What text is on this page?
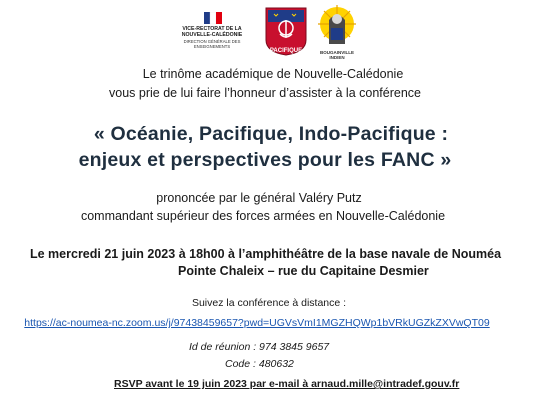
VICE-RECTORAT DE LA NOUVELLE-CALÉDONIE
DIRECTION GÉNÉRALE DES ENSEIGNEMENTS
PACIFIQUE	BOUGAINVILLE INDIEN
Le trinôme académique de Nouvelle-Calédonie
vous prie de lui faire l’honneur d’assister à la conférence
« Océanie, Pacifique, Indo-Pacifique :
enjeux et perspectives pour les FANC »
prononcée par le général Valéry Putz
commandant supérieur des forces armées en Nouvelle-Calédonie
Le mercredi 21 juin 2023 à 18h00 à l’amphithéâtre de la base navale de Nouméa
Pointe Chaleix – rue du Capitaine Desmier
Suivez la conférence à distance :
https://ac-noumea-nc.zoom.us/j/97438459657?pwd=UGVsVmI1MGZHQWp1bVRkUGZkZXVwQT09
Id de réunion : 974 3845 9657
Code : 480632
RSVP avant le 19 juin 2023 par e-mail à arnaud.mille@intradef.gouv.fr
